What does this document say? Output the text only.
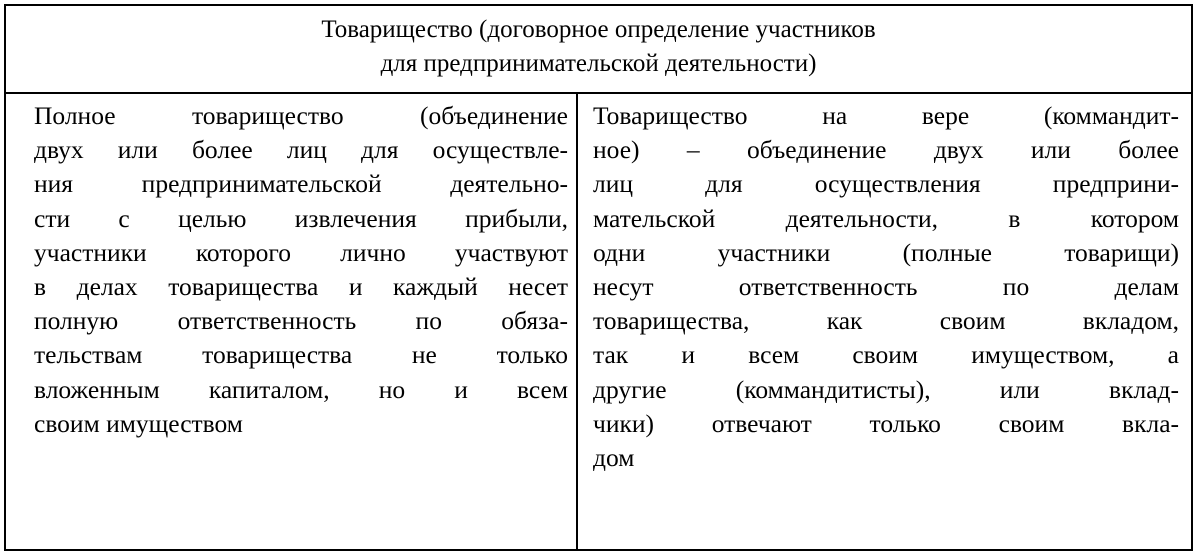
Товарищество (договорное определение участников
для предпринимательской деятельности)
Полное товарищество (объединение
двух или более лиц для осуществле-
ния предпринимательской деятельно-
сти с целью извлечения прибыли,
участники которого лично участвуют
в делах товарищества и каждый несет
полную ответственность по обяза-
тельствам товарищества не только
вложенным капиталом, но и всем
своим имуществом
Товарищество на вере (коммандит-
ное) – объединение двух или более
лиц для осуществления предприни-
мательской деятельности, в котором
одни участники (полные товарищи)
несут ответственность по делам
товарищества, как своим вкладом,
так и всем своим имуществом, а
другие (коммандитисты), или вклад-
чики) отвечают только своим вкла-
дом
